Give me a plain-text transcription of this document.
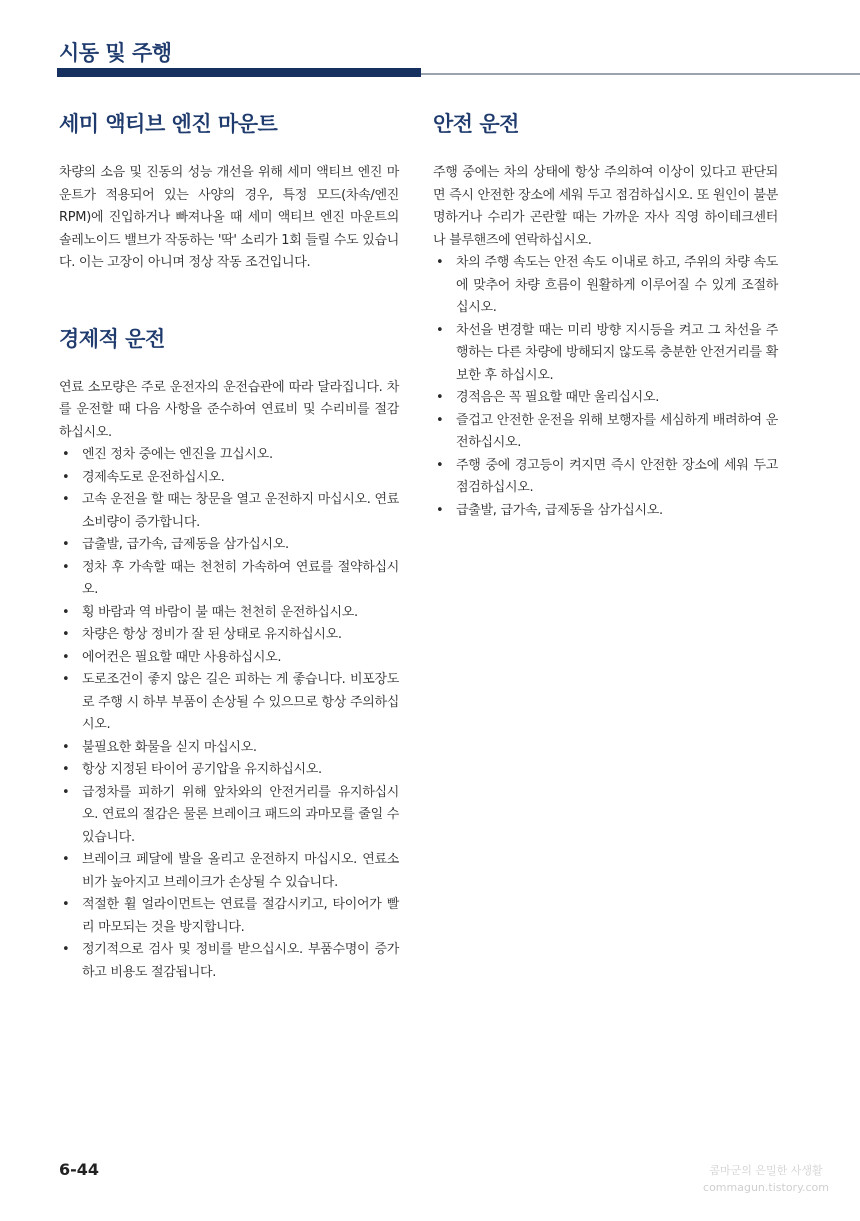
시동 및 주행
세미 액티브 엔진 마운트

차량의 소음 및 진동의 성능 개선을 위해 세미 액티브 엔진 마운트가 적용되어 있는 사양의 경우, 특정 모드(차속/엔진 RPM)에 진입하거나 빠져나올 때 세미 액티브 엔진 마운트의 솔레노이드 밸브가 작동하는 '딱' 소리가 1회 들릴 수도 있습니다. 이는 고장이 아니며 정상 작동 조건입니다.

경제적 운전

연료 소모량은 주로 운전자의 운전습관에 따라 달라집니다. 차를 운전할 때 다음 사항을 준수하여 연료비 및 수리비를 절감하십시오.

• 엔진 정차 중에는 엔진을 끄십시오.
• 경제속도로 운전하십시오.
• 고속 운전을 할 때는 창문을 열고 운전하지 마십시오. 연료 소비량이 증가합니다.
• 급출발, 급가속, 급제동을 삼가십시오.
• 정차 후 가속할 때는 천천히 가속하여 연료를 절약하십시오.
• 횡 바람과 역 바람이 불 때는 천천히 운전하십시오.
• 차량은 항상 정비가 잘 된 상태로 유지하십시오.
• 에어컨은 필요할 때만 사용하십시오.
• 도로조건이 좋지 않은 길은 피하는 게 좋습니다. 비포장도로 주행 시 하부 부품이 손상될 수 있으므로 항상 주의하십시오.
• 불필요한 화물을 싣지 마십시오.
• 항상 지정된 타이어 공기압을 유지하십시오.
• 급정차를 피하기 위해 앞차와의 안전거리를 유지하십시오. 연료의 절감은 물론 브레이크 패드의 과마모를 줄일 수 있습니다.
• 브레이크 페달에 발을 올리고 운전하지 마십시오. 연료소비가 높아지고 브레이크가 손상될 수 있습니다.
• 적절한 휠 얼라이먼트는 연료를 절감시키고, 타이어가 빨리 마모되는 것을 방지합니다.
• 정기적으로 검사 및 정비를 받으십시오. 부품수명이 증가하고 비용도 절감됩니다.
안전 운전

주행 중에는 차의 상태에 항상 주의하여 이상이 있다고 판단되면 즉시 안전한 장소에 세워 두고 점검하십시오. 또 원인이 불분명하거나 수리가 곤란할 때는 가까운 자사 직영 하이테크센터나 블루핸즈에 연락하십시오.

• 차의 주행 속도는 안전 속도 이내로 하고, 주위의 차량 속도에 맞추어 차량 흐름이 원활하게 이루어질 수 있게 조절하십시오.
• 차선을 변경할 때는 미리 방향 지시등을 켜고 그 차선을 주행하는 다른 차량에 방해되지 않도록 충분한 안전거리를 확보한 후 하십시오.
• 경적음은 꼭 필요할 때만 울리십시오.
• 즐겁고 안전한 운전을 위해 보행자를 세심하게 배려하여 운전하십시오.
• 주행 중에 경고등이 켜지면 즉시 안전한 장소에 세워 두고 점검하십시오.
• 급출발, 급가속, 급제동을 삼가십시오.
6-44	콤마군의 은밀한 사생활
commagun.tistory.com
